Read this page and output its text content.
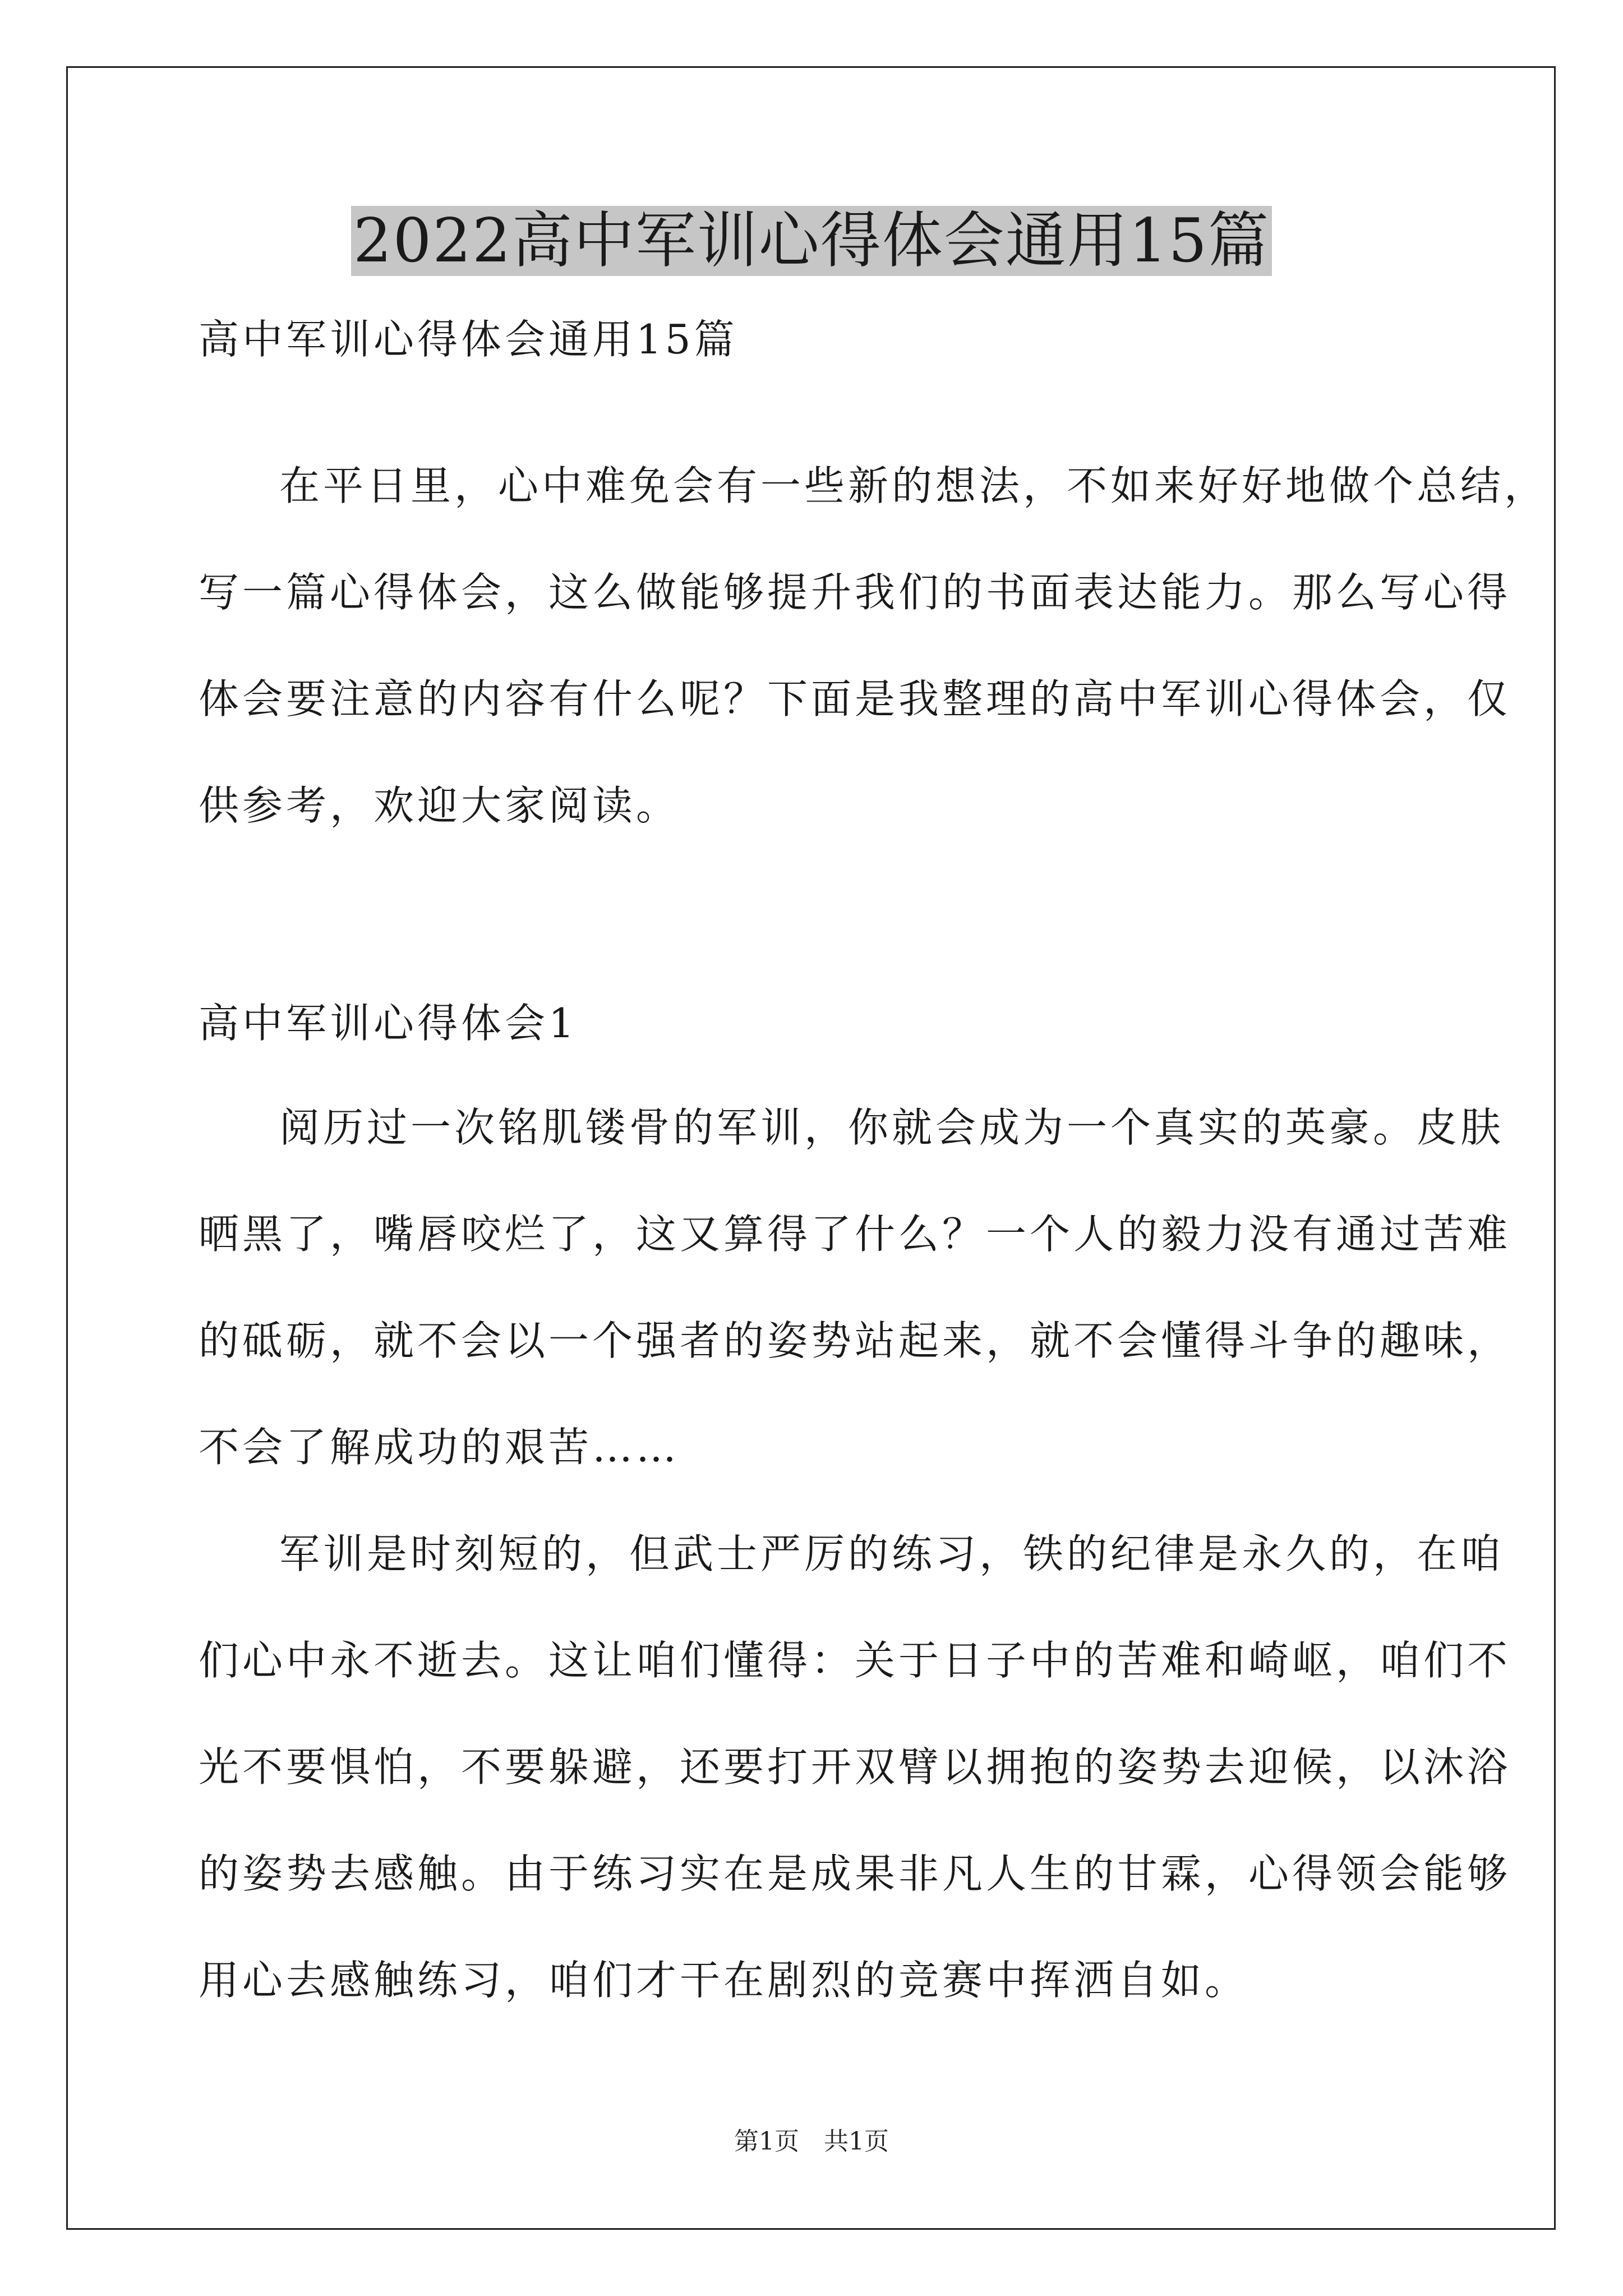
2022高中军训心得体会通用15篇
高中军训心得体会通用15篇
在平日里，心中难免会有一些新的想法，不如来好好地做个总结，
写一篇心得体会，这么做能够提升我们的书面表达能力。那么写心得
体会要注意的内容有什么呢？下面是我整理的高中军训心得体会，仅
供参考，欢迎大家阅读。
高中军训心得体会1
阅历过一次铭肌镂骨的军训，你就会成为一个真实的英豪。皮肤
晒黑了，嘴唇咬烂了，这又算得了什么？一个人的毅力没有通过苦难
的砥砺，就不会以一个强者的姿势站起来，就不会懂得斗争的趣味，
不会了解成功的艰苦……
军训是时刻短的，但武士严厉的练习，铁的纪律是永久的，在咱
们心中永不逝去。这让咱们懂得：关于日子中的苦难和崎岖，咱们不
光不要惧怕，不要躲避，还要打开双臂以拥抱的姿势去迎候，以沐浴
的姿势去感触。由于练习实在是成果非凡人生的甘霖，心得领会能够
用心去感触练习，咱们才干在剧烈的竞赛中挥洒自如。
第1页　共1页
